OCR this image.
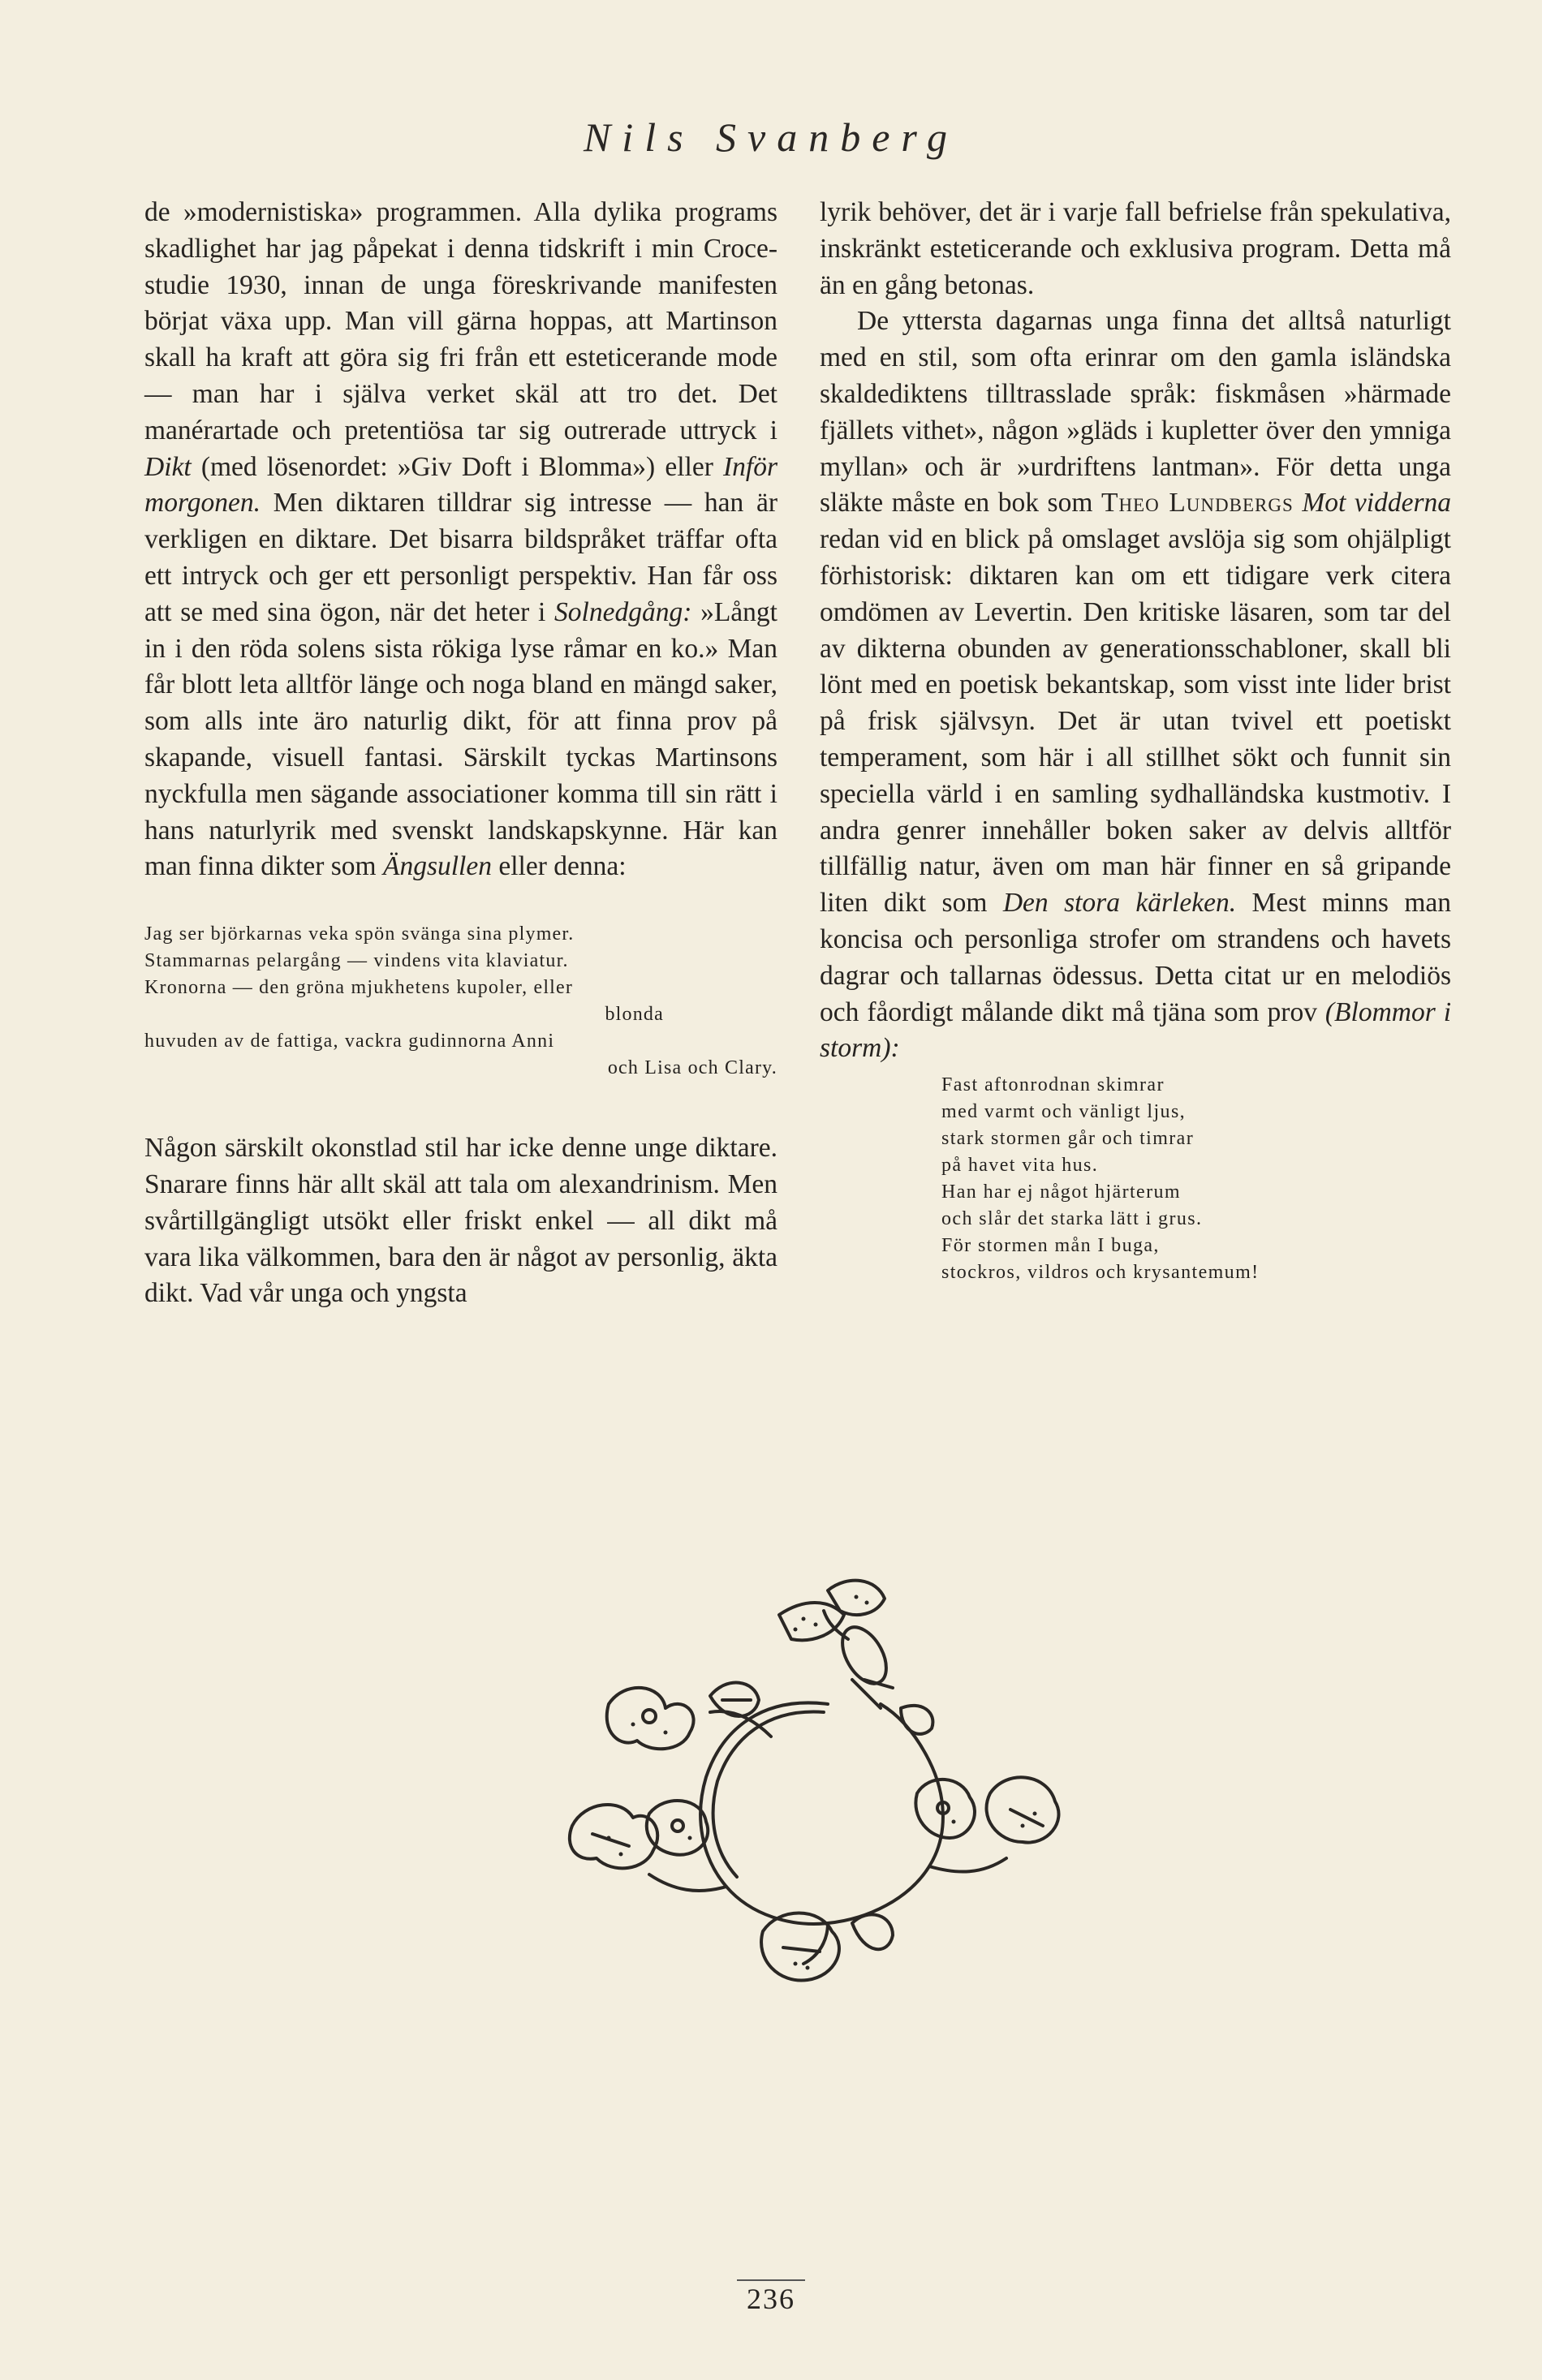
Nils Svanberg

de »modernistiska» programmen. Alla dylika programs skadlighet har jag påpekat i denna tidskrift i min Croce-studie 1930, innan de unga föreskrivande manifesten börjat växa upp. Man vill gärna hoppas, att Martinson skall ha kraft att göra sig fri från ett esteticerande mode — man har i själva verket skäl att tro det. Det manérartade och pretentiösa tar sig outrerade uttryck i Dikt (med lösenordet: »Giv Doft i Blomma») eller Inför morgonen. Men diktaren tilldrar sig intresse — han är verkligen en diktare. Det bisarra bildspråket träffar ofta ett intryck och ger ett personligt perspektiv. Han får oss att se med sina ögon, när det heter i Solnedgång: »Långt in i den röda solens sista rökiga lyse råmar en ko.» Man får blott leta alltför länge och noga bland en mängd saker, som alls inte äro naturlig dikt, för att finna prov på skapande, visuell fantasi. Särskilt tyckas Martinsons nyckfulla men sägande associationer komma till sin rätt i hans naturlyrik med svenskt landskapskynne. Här kan man finna dikter som Ängsullen eller denna:

Jag ser björkarnas veka spön svänga sina plymer.
Stammarnas pelargång — vindens vita klaviatur.
Kronorna — den gröna mjukhetens kupoler, eller
blonda
huvuden av de fattiga, vackra gudinnorna Anni
och Lisa och Clary.

Någon särskilt okonstlad stil har icke denne unge diktare. Snarare finns här allt skäl att tala om alexandrinism. Men svårtillgängligt utsökt eller friskt enkel — all dikt må vara lika välkommen, bara den är något av personlig, äkta dikt. Vad vår unga och yngsta

lyrik behöver, det är i varje fall befrielse från spekulativa, inskränkt esteticerande och exklusiva program. Detta må än en gång betonas.

De yttersta dagarnas unga finna det alltså naturligt med en stil, som ofta erinrar om den gamla isländska skaldediktens tilltrasslade språk: fiskmåsen »härmade fjällets vithet», någon »gläds i kupletter över den ymniga myllan» och är »urdriftens lantman». För detta unga släkte måste en bok som Theo Lundbergs Mot vidderna redan vid en blick på omslaget avslöja sig som ohjälpligt förhistorisk: diktaren kan om ett tidigare verk citera omdömen av Levertin. Den kritiske läsaren, som tar del av dikterna obunden av generationsschabloner, skall bli lönt med en poetisk bekantskap, som visst inte lider brist på frisk självsyn. Det är utan tvivel ett poetiskt temperament, som här i all stillhet sökt och funnit sin speciella värld i en samling sydhalländska kustmotiv. I andra genrer innehåller boken saker av delvis alltför tillfällig natur, även om man här finner en så gripande liten dikt som Den stora kärleken. Mest minns man koncisa och personliga strofer om strandens och havets dagrar och tallarnas ödessus. Detta citat ur en melodiös och fåordigt målande dikt må tjäna som prov (Blommor i storm):

Fast aftonrodnan skimrar
med varmt och vänligt ljus,
stark stormen går och timrar
på havet vita hus.
Han har ej något hjärterum
och slår det starka lätt i grus.
För stormen mån I buga,
stockros, vildros och krysantemum!
236
